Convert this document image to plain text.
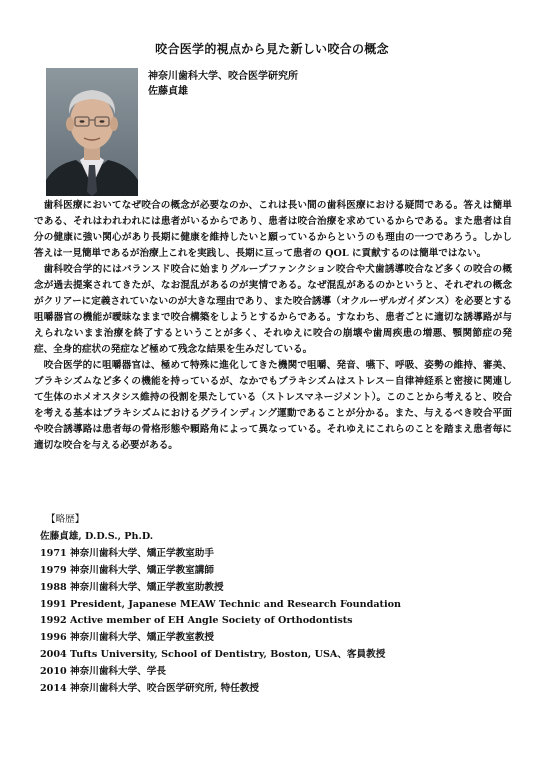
咬合医学的視点から見た新しい咬合の概念
神奈川歯科大学、咬合医学研究所
佐藤貞雄

歯科医療においてなぜ咬合の概念が必要なのか、これは長い間の歯科医療における疑問である。答えは簡単である、それはわれわれには患者がいるからであり、患者は咬合治療を求めているからである。また患者は自分の健康に強い関心があり長期に健康を維持したいと願っているからというのも理由の一つであろう。しかし答えは一見簡単であるが治療上これを実践し、長期に亘って患者の QOL に貢献するのは簡単ではない。

歯科咬合学的にはバランスド咬合に始まりグループファンクション咬合や犬歯誘導咬合など多くの咬合の概念が過去提案されてきたが、なお混乱があるのが実情である。なぜ混乱があるのかというと、それぞれの概念がクリアーに定義されていないのが大きな理由であり、また咬合誘導（オクルーザルガイダンス）を必要とする咀嚼器官の機能が曖昧なままで咬合構築をしようとするからである。すなわち、患者ごとに適切な誘導路が与えられないまま治療を終了するということが多く、それゆえに咬合の崩壊や歯周疾患の増悪、顎関節症の発症、全身的症状の発症など極めて残念な結果を生みだしている。

咬合医学的に咀嚼器官は、極めて特殊に進化してきた機関で咀嚼、発音、嚥下、呼吸、姿勢の維持、審美、ブラキシズムなど多くの機能を持っているが、なかでもブラキシズムはストレス－自律神経系と密接に関連して生体のホメオスタシス維持の役割を果たしている（ストレスマネージメント）。このことから考えると、咬合を考える基本はブラキシズムにおけるグラインディング運動であることが分かる。また、与えるべき咬合平面や咬合誘導路は患者毎の骨格形態や顆路角によって異なっている。それゆえにこれらのことを踏まえ患者毎に適切な咬合を与える必要がある。

【略歴】
佐藤貞雄, D.D.S., Ph.D.
1971 神奈川歯科大学、矯正学教室助手
1979 神奈川歯科大学、矯正学教室講師
1988 神奈川歯科大学、矯正学教室助教授
1991 President, Japanese MEAW Technic and Research Foundation
1992 Active member of EH Angle Society of Orthodontists
1996 神奈川歯科大学、矯正学教室教授
2004 Tufts University, School of Dentistry, Boston, USA、客員教授
2010 神奈川歯科大学、学長
2014 神奈川歯科大学、咬合医学研究所, 特任教授
